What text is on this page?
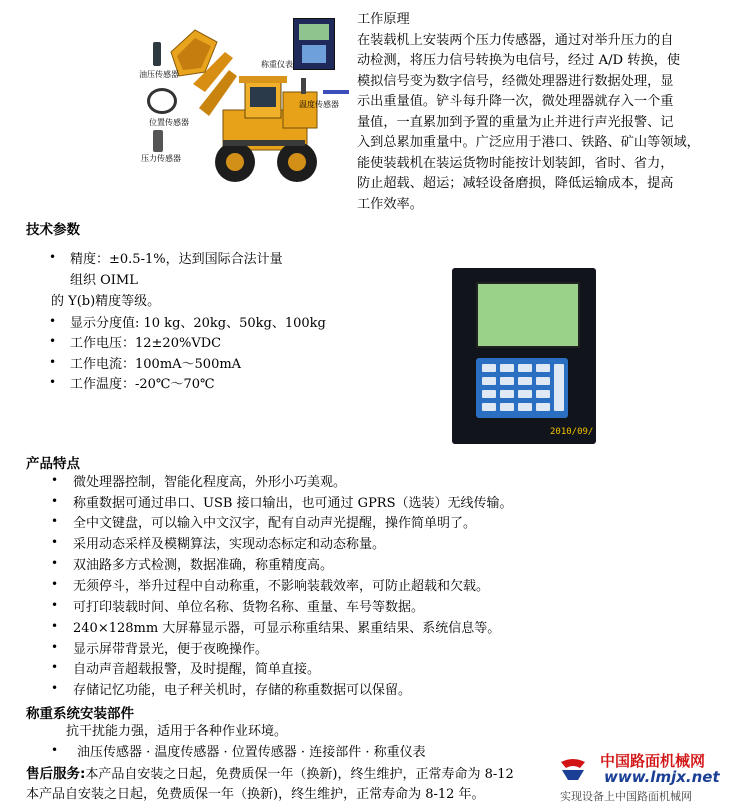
油压传感器
位置传感器
压力传感器
称重仪表
温度传感器
工作原理
在装载机上安装两个压力传感器，通过对举升压力的自
动检测，将压力信号转换为电信号，经过 A/D 转换，使
模拟信号变为数字信号，经微处理器进行数据处理，显
示出重量值。铲斗每升降一次，微处理器就存入一个重
量值，一直累加到予置的重量为止并进行声光报警、记
入到总累加重量中。广泛应用于港口、铁路、矿山等领域，
能使装载机在装运货物时能按计划装卸，省时、省力，
防止超载、超运；减轻设备磨损，降低运输成本，提高
工作效率。
技术参数
• 精度：±0.5-1%，达到国际合法计量
组织 OIML
的 Y(b)精度等级。
• 显示分度值: 10 kg、20kg、50kg、100kg
• 工作电压：12±20%VDC
• 工作电流：100mA～500mA
• 工作温度：-20℃～70℃
2010/09/
产品特点
• 微处理器控制，智能化程度高，外形小巧美观。
• 称重数据可通过串口、USB 接口输出，也可通过 GPRS（选装）无线传输。
• 全中文键盘，可以输入中文汉字，配有自动声光提醒，操作简单明了。
• 采用动态采样及模糊算法，实现动态标定和动态称量。
• 双油路多方式检测，数据准确，称重精度高。
• 无须停斗，举升过程中自动称重，不影响装载效率，可防止超载和欠载。
• 可打印装载时间、单位名称、货物名称、重量、车号等数据。
• 240×128mm 大屏幕显示器，可显示称重结果、累重结果、系统信息等。
• 显示屏带背景光，便于夜晚操作。
• 自动声音超载报警，及时提醒，简单直接。
• 存储记忆功能，电子秤关机时，存储的称重数据可以保留。
称重系统安装部件
抗干扰能力强，适用于各种作业环境。
• 油压传感器 · 温度传感器 · 位置传感器 · 连接部件 · 称重仪表
售后服务:本产品自安装之日起，免费质保一年（换新)，终生维护，正常寿命为 8-12
本产品自安装之日起，免费质保一年（换新)，终生维护，正常寿命为 8-12 年。
中国路面机械网
www.lmjx.net
实现设备上中国路面机械网
